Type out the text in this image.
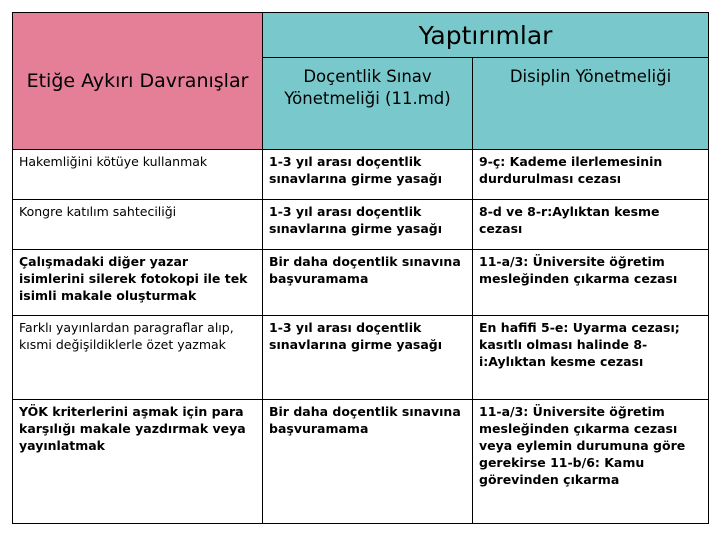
Etiğe Aykırı Davranışlar	Yaptırımlar	
	Doçentlik Sınav Yönetmeliği (11.md)	Disiplin Yönetmeliği
Hakemliğini kötüye kullanmak	1-3 yıl arası doçentlik sınavlarına girme yasağı	9-ç: Kademe ilerlemesinin durdurulması cezası
Kongre katılım sahteciliği	1-3 yıl arası doçentlik sınavlarına girme yasağı	8-d ve 8-r:Aylıktan kesme cezası
Çalışmadaki diğer yazar isimlerini silerek fotokopi ile tek isimli makale oluşturmak	Bir daha doçentlik sınavına başvuramama	11-a/3: Üniversite öğretim mesleğinden çıkarma cezası
Farklı yayınlardan paragraflar alıp, kısmi değişildiklerle özet yazmak	1-3 yıl arası doçentlik sınavlarına girme yasağı	En hafifi 5-e: Uyarma cezası; kasıtlı olması halinde 8-i:Aylıktan kesme cezası
YÖK kriterlerini aşmak için para karşılığı makale yazdırmak veya yayınlatmak	Bir daha doçentlik sınavına başvuramama	11-a/3: Üniversite öğretim mesleğinden çıkarma cezası veya eylemin durumuna göre gerekirse 11-b/6: Kamu görevinden çıkarma
